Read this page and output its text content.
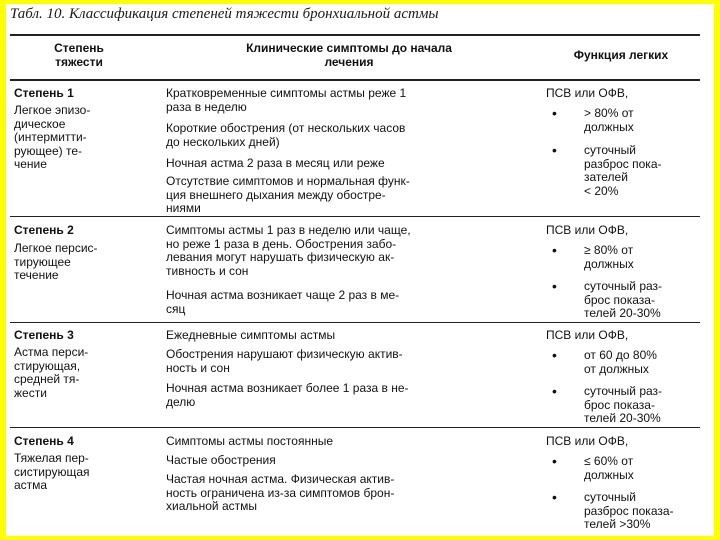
Табл. 10. Классификация степеней тяжести бронхиальной астмы
Степень
тяжести
Клинические симптомы до начала
лечения	Функция легких
Степень 1
Легкое эпизо-
дическое
(интермитти-
рующее) те-
чение
Кратковременные симптомы астмы реже 1
раза в неделю
Короткие обострения (от нескольких часов
до нескольких дней)
Ночная астма 2 раза в месяц или реже
Отсутствие симптомов и нормальная функ-
ция внешнего дыхания между обостре-
ниями
ПСВ или ОФВ,
• > 80% от
должных
• суточный
разброс пока-
зателей
< 20%
Степень 2
Легкое персис-
тирующее
течение
Симптомы астмы 1 раз в неделю или чаще,
но реже 1 раза в день. Обострения забо-
левания могут нарушать физическую ак-
тивность и сон
Ночная астма возникает чаще 2 раз в ме-
сяц
ПСВ или ОФВ,
• ≥ 80% от
должных
• суточный раз-
брос показа-
телей 20-30%
Степень 3
Астма перси-
стирующая,
средней тя-
жести
Ежедневные симптомы астмы
Обострения нарушают физическую актив-
ность и сон
Ночная астма возникает более 1 раза в не-
делю
ПСВ или ОФВ,
• от 60 до 80%
от должных
• суточный раз-
брос показа-
телей 20-30%
Степень 4
Тяжелая пер-
систирующая
астма
Симптомы астмы постоянные
Частые обострения
Частая ночная астма. Физическая актив-
ность ограничена из-за симптомов брон-
хиальной астмы
ПСВ или ОФВ,
• ≤ 60% от
должных
• суточный
разброс показа-
телей >30%
